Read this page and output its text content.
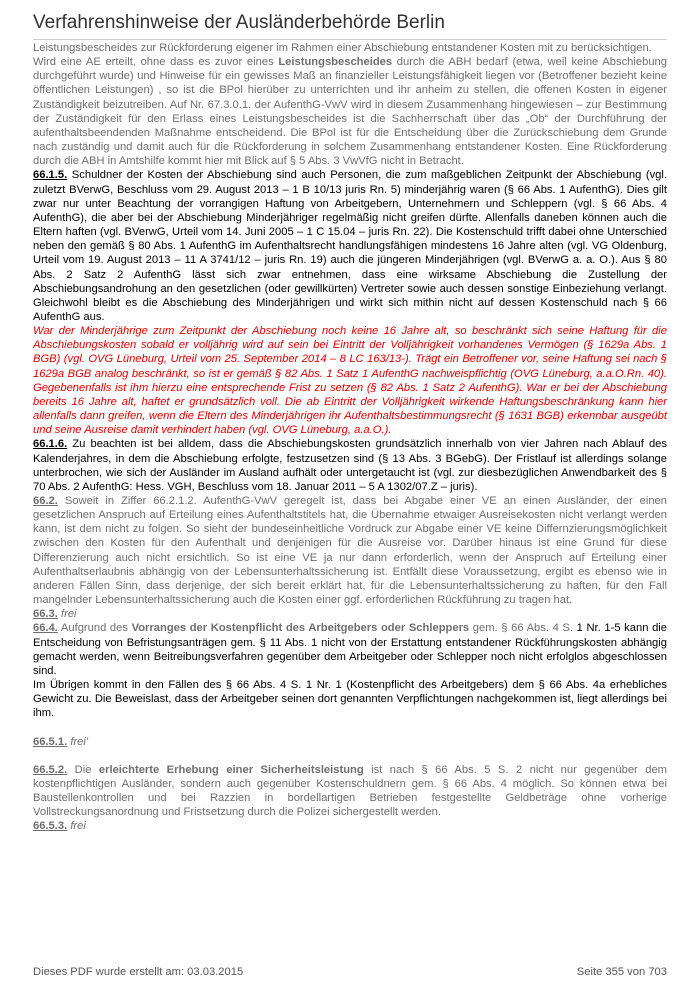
Verfahrenshinweise der Ausländerbehörde Berlin

Leistungsbescheides zur Rückforderung eigener im Rahmen einer Abschiebung entstandener Kosten mit zu berücksichtigen.

Wird eine AE erteilt, ohne dass es zuvor eines Leistungsbescheides durch die ABH bedarf (etwa, weil keine Abschiebung durchgeführt wurde) und Hinweise für ein gewisses Maß an finanzieller Leistungsfähigkeit liegen vor (Betroffener bezieht keine öffentlichen Leistungen) , so ist die BPol hierüber zu unterrichten und ihr anheim zu stellen, die offenen Kosten in eigener Zuständigkeit beizutreiben. Auf Nr. 67.3.0.1. der AufenthG-VwV wird in diesem Zusammenhang hingewiesen – zur Bestimmung der Zuständigkeit für den Erlass eines Leistungsbescheides ist die Sachherrschaft über das „Ob“ der Durchführung der aufenthaltsbeendenden Maßnahme entscheidend. Die BPol ist für die Entscheidung über die Zurückschiebung dem Grunde nach zuständig und damit auch für die Rückforderung in solchem Zusammenhang entstandener Kosten. Eine Rückforderung durch die ABH in Amtshilfe kommt hier mit Blick auf § 5 Abs. 3 VwVfG nicht in Betracht.

66.1.5. Schuldner der Kosten der Abschiebung sind auch Personen, die zum maßgeblichen Zeitpunkt der Abschiebung (vgl. zuletzt BVerwG, Beschluss vom 29. August 2013 – 1 B 10/13 juris Rn. 5) minderjährig waren (§ 66 Abs. 1 AufenthG). Dies gilt zwar nur unter Beachtung der vorrangigen Haftung von Arbeitgebern, Unternehmern und Schleppern (vgl. § 66 Abs. 4 AufenthG), die aber bei der Abschiebung Minderjähriger regelmäßig nicht greifen dürfte. Allenfalls daneben können auch die Eltern haften (vgl. BVerwG, Urteil vom 14. Juni 2005 – 1 C 15.04 – juris Rn. 22). Die Kostenschuld trifft dabei ohne Unterschied neben den gemäß § 80 Abs. 1 AufenthG im Aufenthaltsrecht handlungsfähigen mindestens 16 Jahre alten (vgl. VG Oldenburg, Urteil vom 19. August 2013 – 11 A 3741/12 – juris Rn. 19) auch die jüngeren Minderjährigen (vgl. BVerwG a. a. O.). Aus § 80 Abs. 2 Satz 2 AufenthG lässt sich zwar entnehmen, dass eine wirksame Abschiebung die Zustellung der Abschiebungsandrohung an den gesetzlichen (oder gewillkürten) Vertreter sowie auch dessen sonstige Einbeziehung verlangt. Gleichwohl bleibt es die Abschiebung des Minderjährigen und wirkt sich mithin nicht auf dessen Kostenschuld nach § 66 AufenthG aus.

War der Minderjährige zum Zeitpunkt der Abschiebung noch keine 16 Jahre alt, so beschränkt sich seine Haftung für die Abschiebungskosten sobald er volljährig wird auf sein bei Eintritt der Volljährigkeit vorhandenes Vermögen (§ 1629a Abs. 1 BGB) (vgl. OVG Lüneburg, Urteil vom 25. September 2014 – 8 LC 163/13-). Trägt ein Betroffener vor, seine Haftung sei nach § 1629a BGB analog beschränkt, so ist er gemäß § 82 Abs. 1 Satz 1 AufenthG nachweispflichtig (OVG Lüneburg, a.a.O.Rn. 40). Gegebenenfalls ist ihm hierzu eine entsprechende Frist zu setzen (§ 82 Abs. 1 Satz 2 AufenthG). War er bei der Abschiebung bereits 16 Jahre alt, haftet er grundsätzlich voll. Die ab Eintritt der Volljährigkeit wirkende Haftungsbeschränkung kann hier allenfalls dann greifen, wenn die Eltern des Minderjährigen ihr Aufenthaltsbestimmungsrecht (§ 1631 BGB) erkennbar ausgeübt und seine Ausreise damit verhindert haben (vgl. OVG Lüneburg, a.a.O.).

66.1.6. Zu beachten ist bei alldem, dass die Abschiebungskosten grundsätzlich innerhalb von vier Jahren nach Ablauf des Kalenderjahres, in dem die Abschiebung erfolgte, festzusetzen sind (§ 13 Abs. 3 BGebG). Der Fristlauf ist allerdings solange unterbrochen, wie sich der Ausländer im Ausland aufhält oder untergetaucht ist (vgl. zur diesbezüglichen Anwendbarkeit des § 70 Abs. 2 AufenthG: Hess. VGH, Beschluss vom 18. Januar 2011 – 5 A 1302/07.Z – juris).

66.2. Soweit in Ziffer 66.2.1.2. AufenthG-VwV geregelt ist, dass bei Abgabe einer VE an einen Ausländer, der einen gesetzlichen Anspruch auf Erteilung eines Aufenthaltstitels hat, die Übernahme etwaiger Ausreisekosten nicht verlangt werden kann, ist dem nicht zu folgen. So sieht der bundeseinheitliche Vordruck zur Abgabe einer VE keine Differnzierungsmöglichkeit zwischen den Kosten für den Aufenthalt und denjenigen für die Ausreise vor. Darüber hinaus ist eine Grund für diese Differenzierung auch nicht ersichtlich. So ist eine VE ja nur dann erforderlich, wenn der Anspruch auf Erteilung einer Aufenthaltserlaubnis abhängig von der Lebensunterhaltssicherung ist. Entfällt diese Voraussetzung, ergibt es ebenso wie in anderen Fällen Sinn, dass derjenige, der sich bereit erklärt hat, für die Lebensunterhaltssicherung zu haften, für den Fall mangelnder Lebensunterhaltssicherung auch die Kosten einer ggf. erforderlichen Rückführung zu tragen hat.

66.3. frei

66.4. Aufgrund des Vorranges der Kostenpflicht des Arbeitgebers oder Schleppers gem. § 66 Abs. 4 S. 1 Nr. 1-5 kann die Entscheidung von Befristungsanträgen gem. § 11 Abs. 1 nicht von der Erstattung entstandener Rückführungskosten abhängig gemacht werden, wenn Beitreibungsverfahren gegenüber dem Arbeitgeber oder Schlepper noch nicht erfolglos abgeschlossen sind.

Im Übrigen kommt in den Fällen des § 66 Abs. 4 S. 1 Nr. 1 (Kostenpflicht des Arbeitgebers) dem § 66 Abs. 4a erhebliches Gewicht zu. Die Beweislast, dass der Arbeitgeber seinen dort genannten Verpflichtungen nachgekommen ist, liegt allerdings bei ihm.

66.5.1. frei'

66.5.2. Die erleichterte Erhebung einer Sicherheitsleistung ist nach § 66 Abs. 5 S. 2 nicht nur gegenüber dem kostenpflichtigen Ausländer, sondern auch gegenüber Kostenschuldnern gem. § 66 Abs. 4 möglich. So können etwa bei Baustellenkontrollen und bei Razzien in bordellartigen Betrieben festgestellte Geldbeträge ohne vorherige Vollstreckungsanordnung und Fristsetzung durch die Polizei sichergestellt werden.

66.5.3. frei

Dieses PDF wurde erstellt am: 03.03.2015	Seite 355 von 703
